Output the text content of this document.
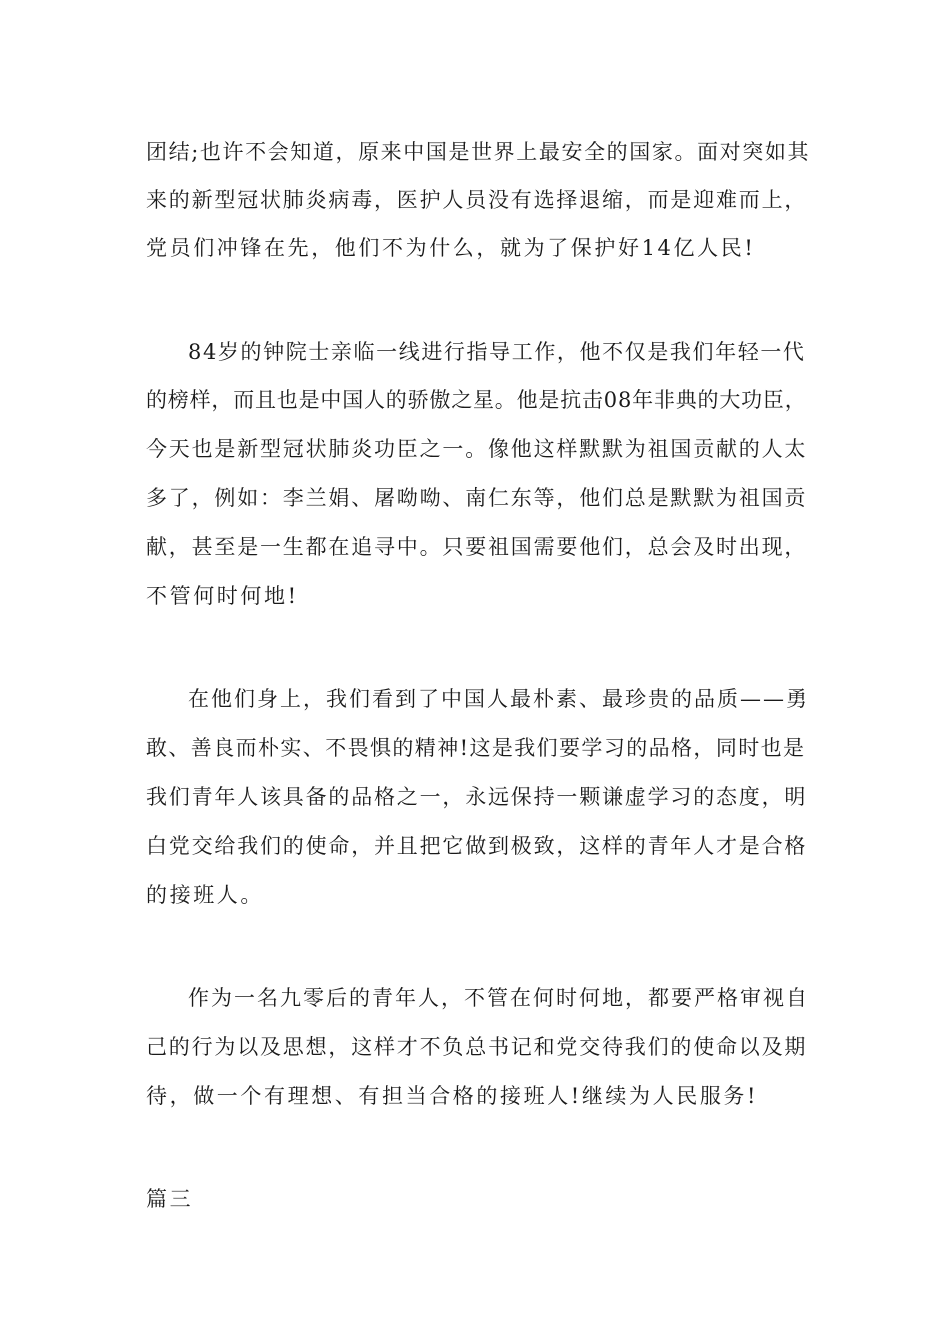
团结;也许不会知道，原来中国是世界上最安全的国家。面对突如其
来的新型冠状肺炎病毒，医护人员没有选择退缩，而是迎难而上，
党员们冲锋在先，他们不为什么，就为了保护好14亿人民!
84岁的钟院士亲临一线进行指导工作，他不仅是我们年轻一代
的榜样，而且也是中国人的骄傲之星。他是抗击08年非典的大功臣，
今天也是新型冠状肺炎功臣之一。像他这样默默为祖国贡献的人太
多了，例如：李兰娟、屠呦呦、南仁东等，他们总是默默为祖国贡
献，甚至是一生都在追寻中。只要祖国需要他们，总会及时出现，
不管何时何地!
在他们身上，我们看到了中国人最朴素、最珍贵的品质——勇
敢、善良而朴实、不畏惧的精神!这是我们要学习的品格，同时也是
我们青年人该具备的品格之一，永远保持一颗谦虚学习的态度，明
白党交给我们的使命，并且把它做到极致，这样的青年人才是合格
的接班人。
作为一名九零后的青年人，不管在何时何地，都要严格审视自
己的行为以及思想，这样才不负总书记和党交待我们的使命以及期
待，做一个有理想、有担当合格的接班人!继续为人民服务!
篇三
